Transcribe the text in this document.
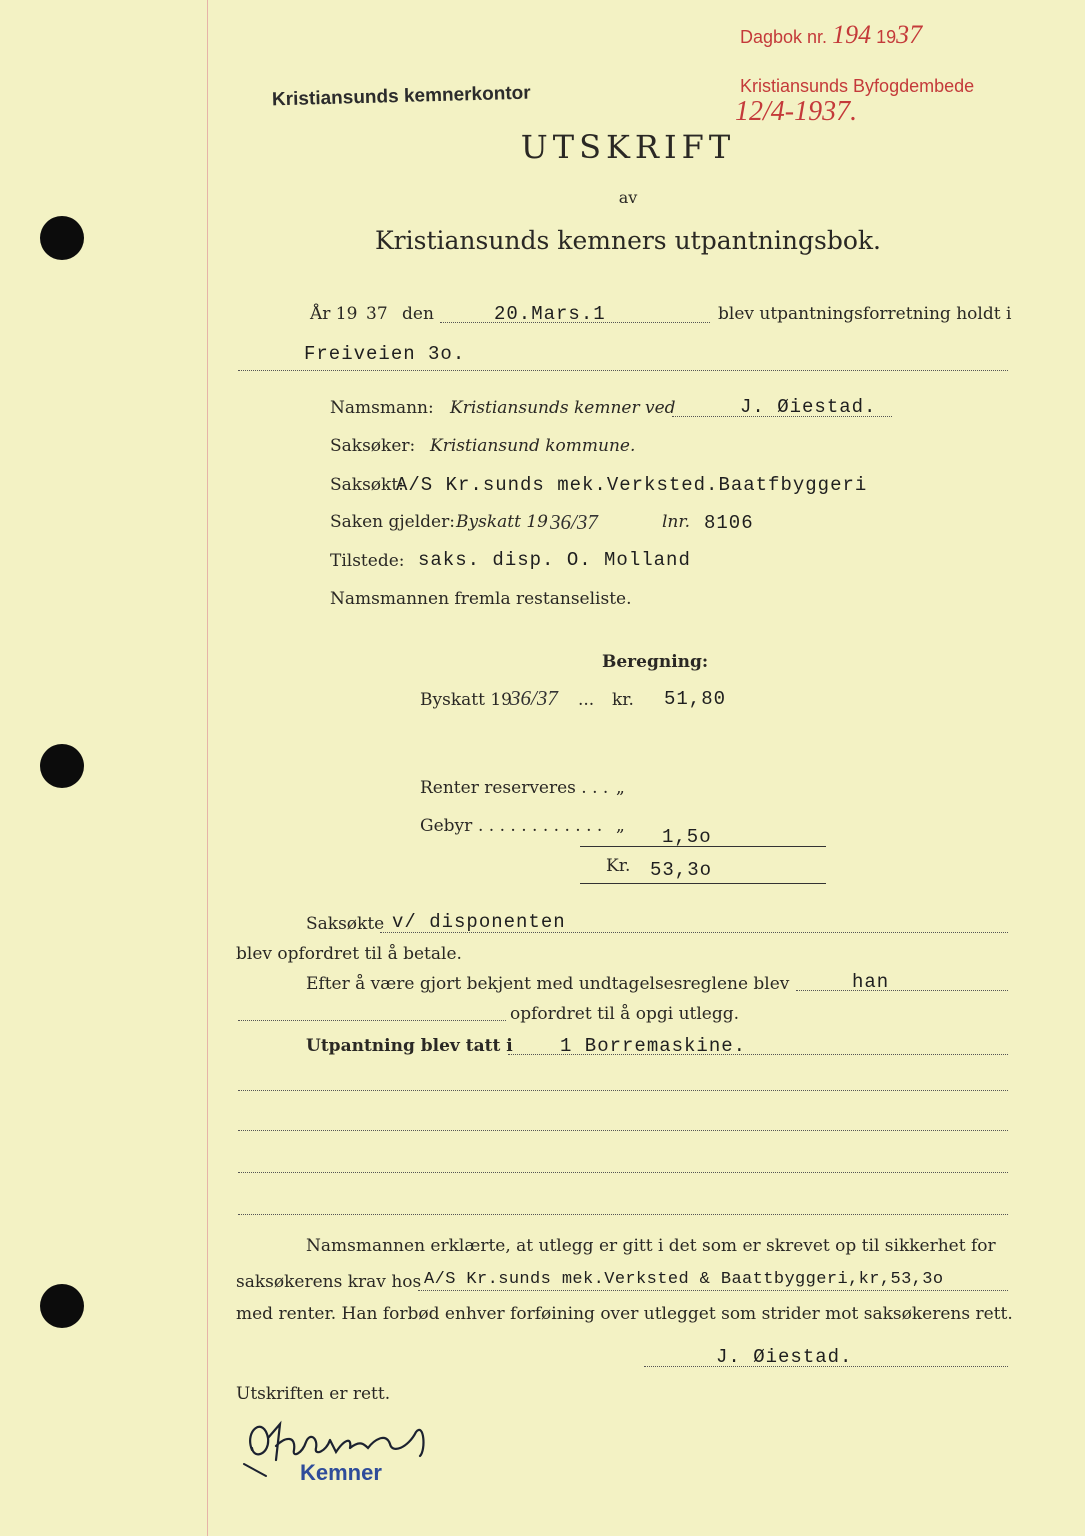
Kristiansunds kemnerkontor
Dagbok nr. 194 1937
Kristiansunds Byfogdembede
12/4-1937.
UTSKRIFT
av
Kristiansunds kemners utpantningsbok.
År 19 37 den	20.Mars.1	blev utpantningsforretning holdt i
Freiveien 3o.
Namsmann: Kristiansunds kemner ved	J. Øiestad.
Saksøker: Kristiansund kommune.
Saksøkt:
A/S Kr.sunds mek.Verksted.Baatfbyggeri
Saken gjelder: Byskatt 19 36/37	lnr. 8106
Tilstede: saks. disp. O. Molland
Namsmannen fremla restanseliste.
Beregning:
Byskatt 19
36/37 ... kr. 51,80
Renter reserveres . . . „
Gebyr . . . . . . . . . . . . „ 1,5o
Kr. 53,3o
Saksøkte v/ disponenten
blev opfordret til å betale.
Efter å være gjort bekjent med undtagelsesreglene blev	han
opfordret til å opgi utlegg.
Utpantning blev tatt i 1 Borremaskine.
Namsmannen erklærte, at utlegg er gitt i det som er skrevet op til sikkerhet for
saksøkerens krav hos A/S Kr.sunds mek.Verksted & Baattbyggeri,kr,53,3o
med renter. Han forbød enhver forføining over utlegget som strider mot saksøkerens rett.
J. Øiestad.
Utskriften er rett.
Kemner
